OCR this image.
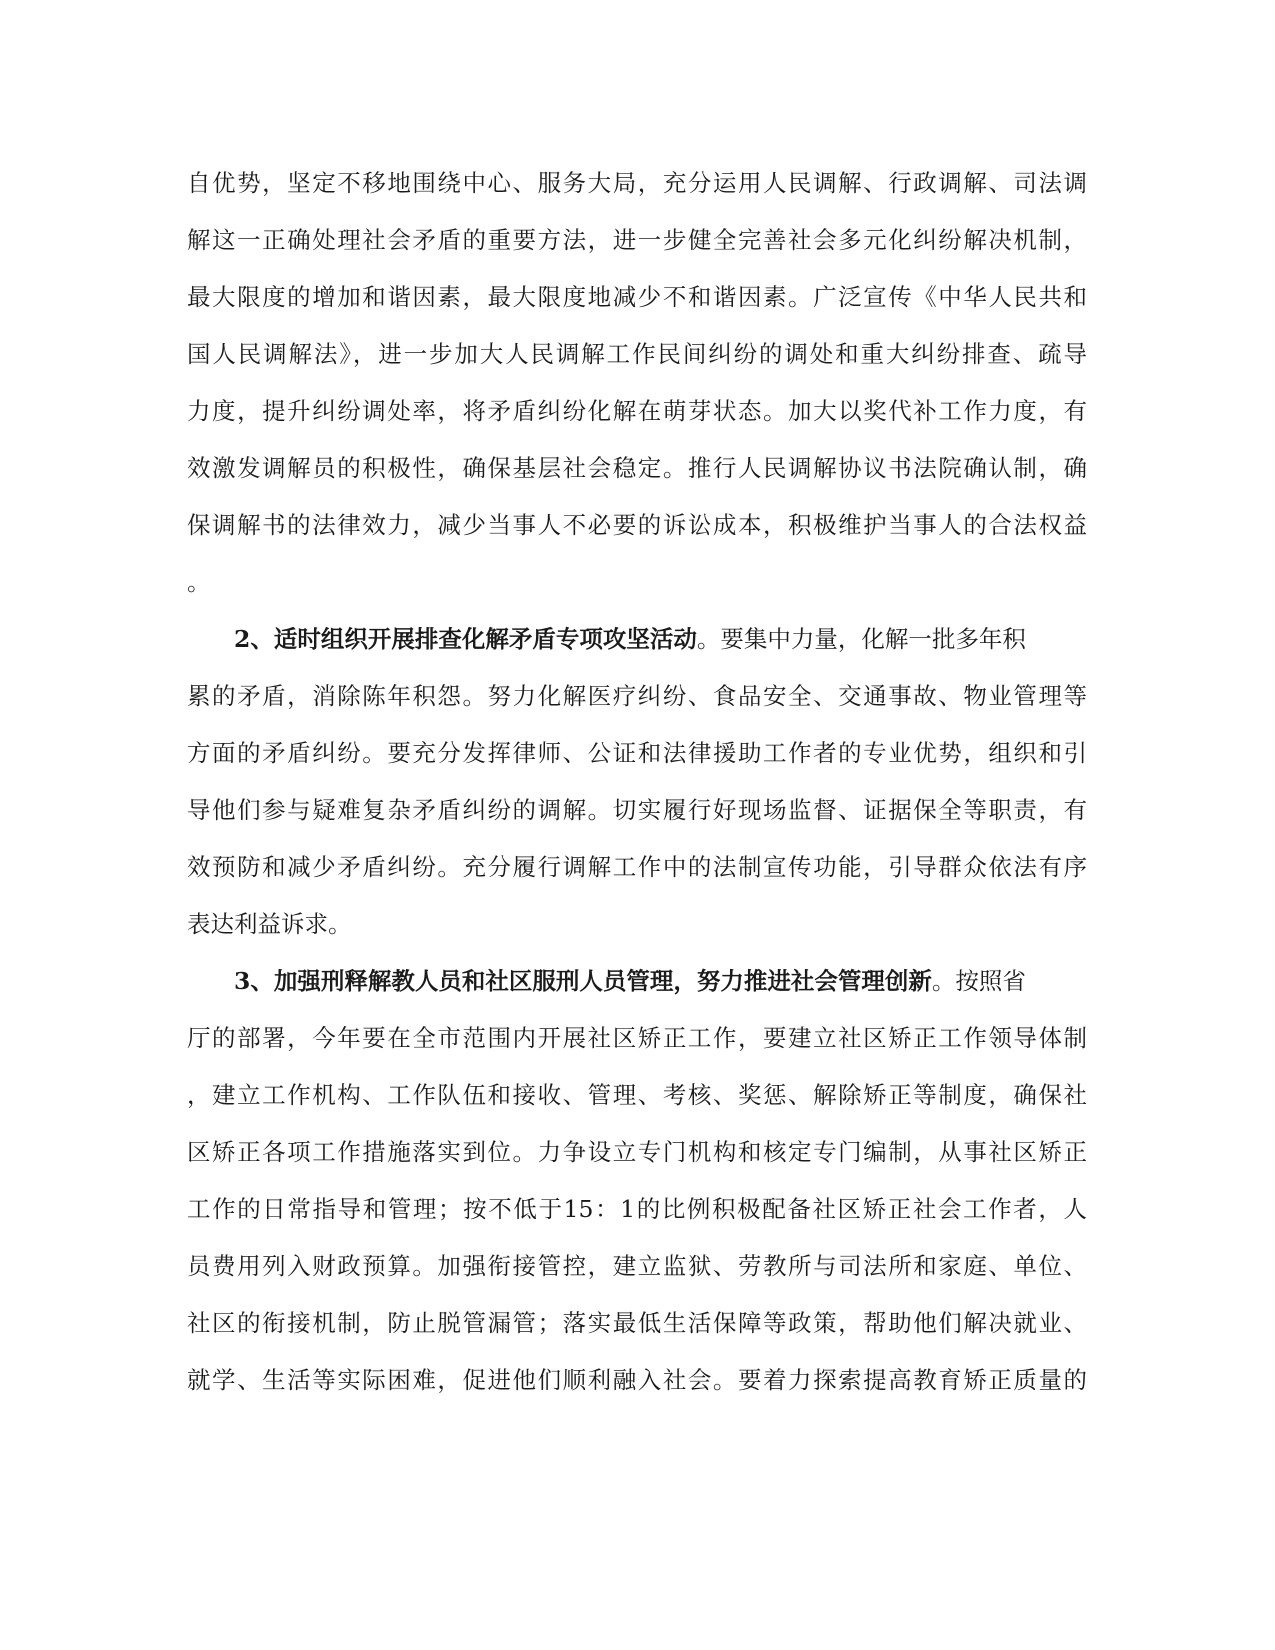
自优势，坚定不移地围绕中心、服务大局，充分运用人民调解、行政调解、司法调
解这一正确处理社会矛盾的重要方法，进一步健全完善社会多元化纠纷解决机制，
最大限度的增加和谐因素，最大限度地减少不和谐因素。广泛宣传《中华人民共和
国人民调解法》，进一步加大人民调解工作民间纠纷的调处和重大纠纷排查、疏导
力度，提升纠纷调处率，将矛盾纠纷化解在萌芽状态。加大以奖代补工作力度，有
效激发调解员的积极性，确保基层社会稳定。推行人民调解协议书法院确认制，确
保调解书的法律效力，减少当事人不必要的诉讼成本，积极维护当事人的合法权益
。
2、适时组织开展排查化解矛盾专项攻坚活动。要集中力量，化解一批多年积
累的矛盾，消除陈年积怨。努力化解医疗纠纷、食品安全、交通事故、物业管理等
方面的矛盾纠纷。要充分发挥律师、公证和法律援助工作者的专业优势，组织和引
导他们参与疑难复杂矛盾纠纷的调解。切实履行好现场监督、证据保全等职责，有
效预防和减少矛盾纠纷。充分履行调解工作中的法制宣传功能，引导群众依法有序
表达利益诉求。
3、加强刑释解教人员和社区服刑人员管理，努力推进社会管理创新。按照省
厅的部署，今年要在全市范围内开展社区矫正工作，要建立社区矫正工作领导体制
，建立工作机构、工作队伍和接收、管理、考核、奖惩、解除矫正等制度，确保社
区矫正各项工作措施落实到位。力争设立专门机构和核定专门编制，从事社区矫正
工作的日常指导和管理；按不低于15：1的比例积极配备社区矫正社会工作者，人
员费用列入财政预算。加强衔接管控，建立监狱、劳教所与司法所和家庭、单位、
社区的衔接机制，防止脱管漏管；落实最低生活保障等政策，帮助他们解决就业、
就学、生活等实际困难，促进他们顺利融入社会。要着力探索提高教育矫正质量的
